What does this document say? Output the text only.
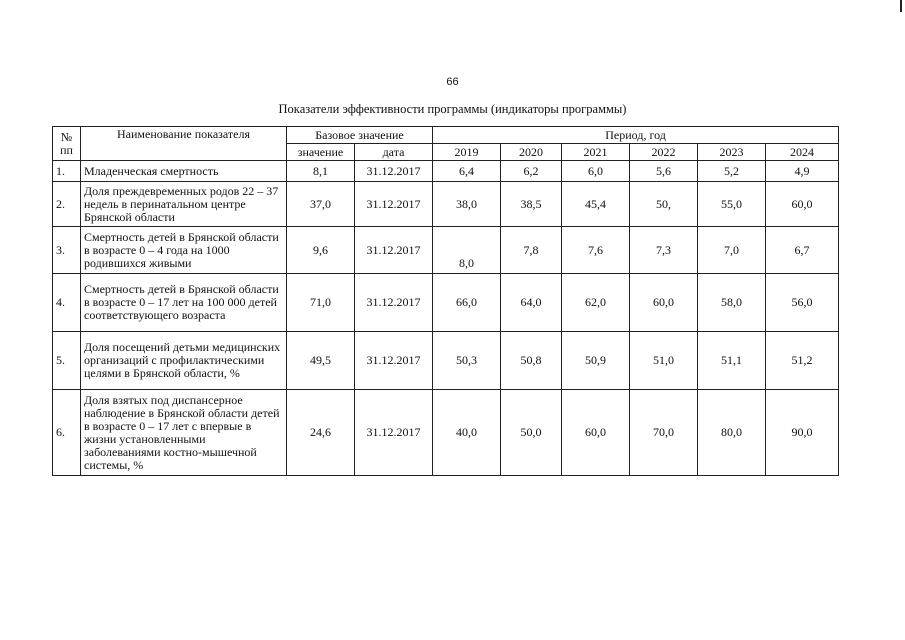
66
Показатели эффективности программы (индикаторы программы)
№
пп	Наименование показателя	Базовое значение		Период, год					
		значение	дата	2019	2020	2021	2022	2023	2024
1.	Младенческая смертность	8,1	31.12.2017	6,4	6,2	6,0	5,6	5,2	4,9
2.	Доля преждевременных родов 22 – 37 недель в перинатальном центре Брянской области	37,0	31.12.2017	38,0	38,5	45,4	50,	55,0	60,0
3.	Смертность детей в Брянской области в возрасте 0 – 4 года на 1000 родившихся живыми	9,6	31.12.2017	8,0	7,8	7,6	7,3	7,0	6,7
4.	Смертность детей в Брянской области в возрасте 0 – 17 лет на 100 000 детей соответствующего возраста	71,0	31.12.2017	66,0	64,0	62,0	60,0	58,0	56,0
5.	Доля посещений детьми медицинских организаций с профилактическими целями в Брянской области, %	49,5	31.12.2017	50,3	50,8	50,9	51,0	51,1	51,2
6.	Доля взятых под диспансерное наблюдение в Брянской области детей в возрасте 0 – 17 лет с впервые в жизни установленными заболеваниями костно-мышечной системы, %	24,6	31.12.2017	40,0	50,0	60,0	70,0	80,0	90,0
